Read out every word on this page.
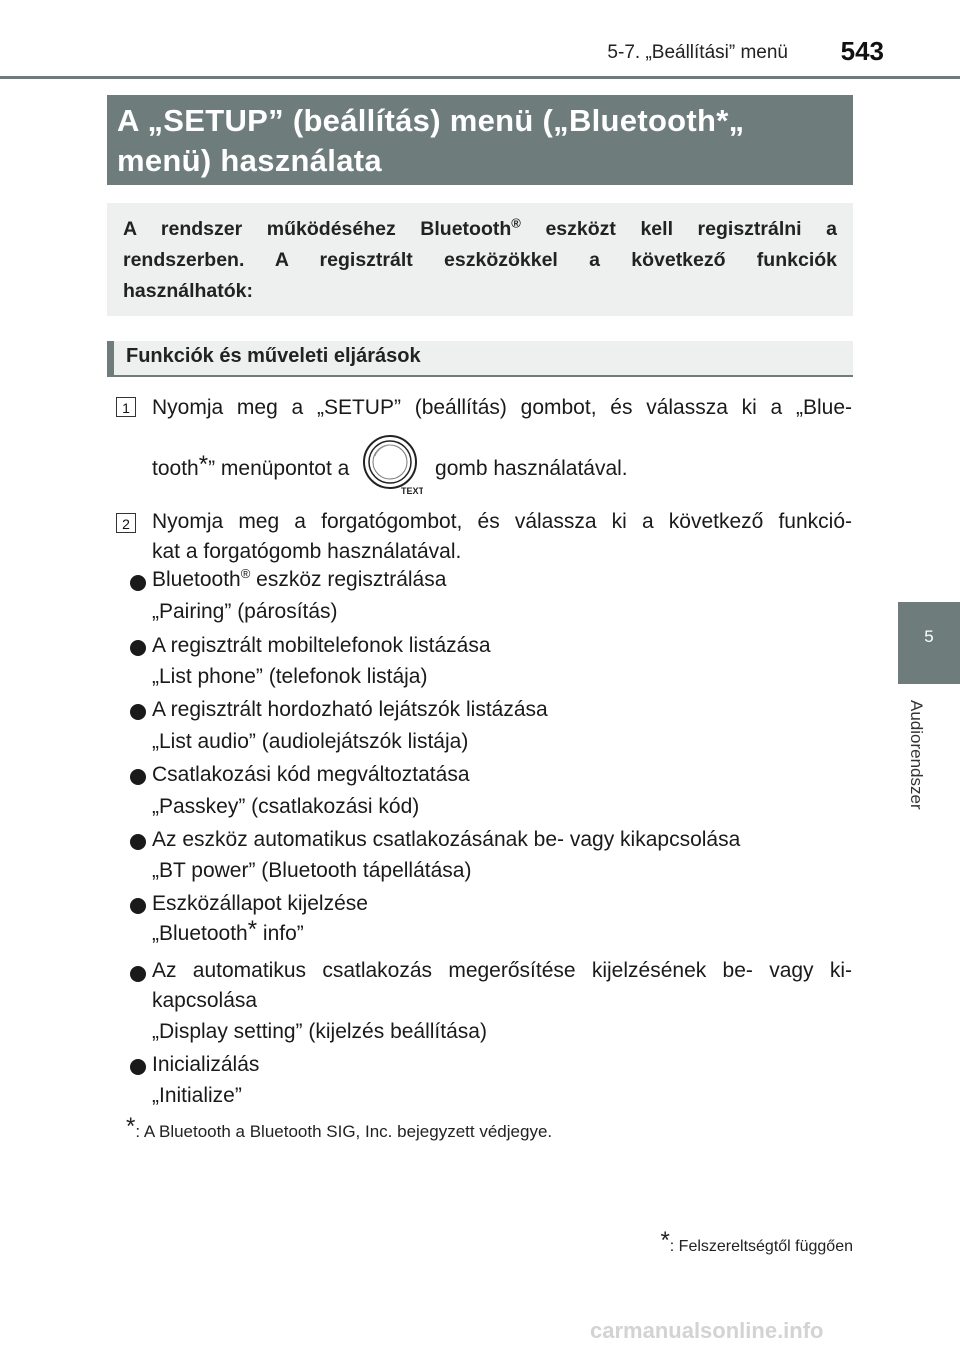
5-7. „Beállítási” menü	543
5
Audiorendszer
A „SETUP” (beállítás) menü („Bluetooth*„
menü) használata
A rendszer működéséhez Bluetooth® eszközt kell regisztrálni a
rendszerben. A regisztrált eszközökkel a következő funkciók
használhatók:
Funkciók és műveleti eljárások
1 Nyomja meg a „SETUP” (beállítás) gombot, és válassza ki a „Blue-
tooth*” menüpontot a
TEXT
gomb használatával.
2 Nyomja meg a forgatógombot, és válassza ki a következő funkció-
kat a forgatógomb használatával.
Bluetooth® eszköz regisztrálása
„Pairing” (párosítás)
A regisztrált mobiltelefonok listázása
„List phone” (telefonok listája)
A regisztrált hordozható lejátszók listázása
„List audio” (audiolejátszók listája)
Csatlakozási kód megváltoztatása
„Passkey” (csatlakozási kód)
Az eszköz automatikus csatlakozásának be- vagy kikapcsolása
„BT power” (Bluetooth tápellátása)
Eszközállapot kijelzése
„Bluetooth* info”
Az automatikus csatlakozás megerősítése kijelzésének be- vagy ki-
kapcsolása
„Display setting” (kijelzés beállítása)
Inicializálás
„Initialize”
*: A Bluetooth a Bluetooth SIG, Inc. bejegyzett védjegye.
*: Felszereltségtől függően
carmanualsonline.info
